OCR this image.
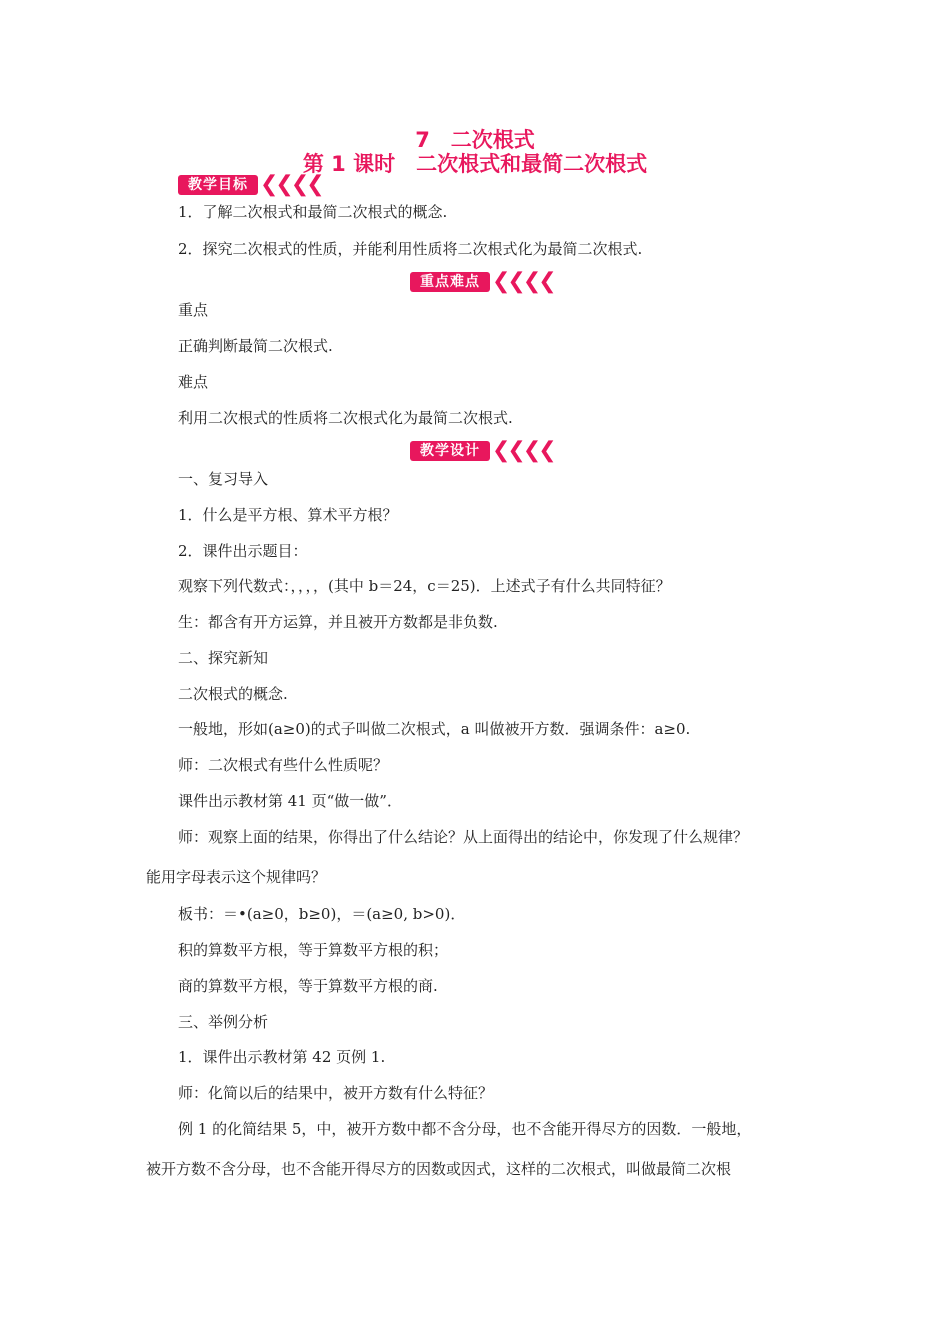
7　二次根式
第 1 课时　二次根式和最简二次根式
教学目标 ❮❮❮❮
1．了解二次根式和最简二次根式的概念.
2．探究二次根式的性质，并能利用性质将二次根式化为最简二次根式.
重点难点 ❮❮❮❮
重点
正确判断最简二次根式.
难点
利用二次根式的性质将二次根式化为最简二次根式.
教学设计 ❮❮❮❮
一、复习导入
1．什么是平方根、算术平方根？
2．课件出示题目：
观察下列代数式：，，，，(其中 b＝24，c＝25)．上述式子有什么共同特征？
生：都含有开方运算，并且被开方数都是非负数.
二、探究新知
二次根式的概念.
一般地，形如(a≥0)的式子叫做二次根式，a 叫做被开方数．强调条件：a≥0.
师：二次根式有些什么性质呢？
课件出示教材第 41 页“做一做”．
师：观察上面的结果，你得出了什么结论？从上面得出的结论中，你发现了什么规律？
能用字母表示这个规律吗？
板书：＝•(a≥0，b≥0)，＝(a≥0, b>0)．
积的算数平方根，等于算数平方根的积；
商的算数平方根，等于算数平方根的商.
三、举例分析
1．课件出示教材第 42 页例 1.
师：化简以后的结果中，被开方数有什么特征？
例 1 的化简结果 5，中，被开方数中都不含分母，也不含能开得尽方的因数．一般地，
被开方数不含分母，也不含能开得尽方的因数或因式，这样的二次根式，叫做最简二次根
